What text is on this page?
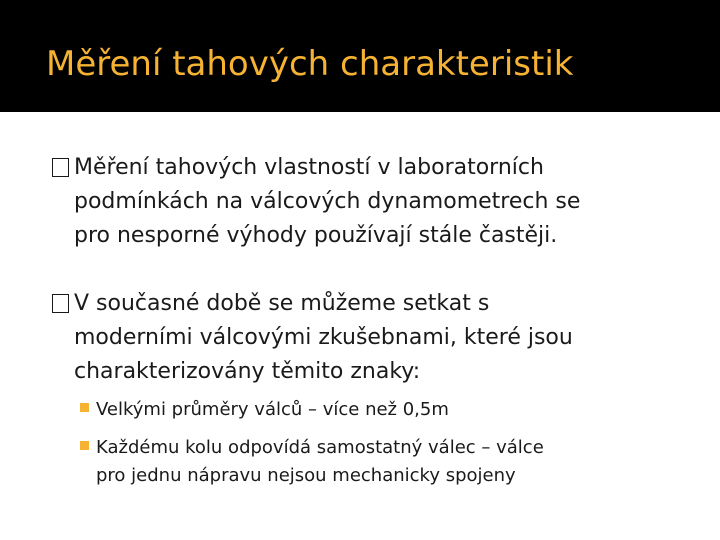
Měření tahových charakteristik
Měření tahových vlastností v laboratorních
podmínkách na válcových dynamometrech se
pro nesporné výhody používají stále častěji.
V současné době se můžeme setkat s
moderními válcovými zkušebnami, které jsou
charakterizovány těmito znaky:
Velkými průměry válců – více než 0,5m
Každému kolu odpovídá samostatný válec – válce
pro jednu nápravu nejsou mechanicky spojeny
